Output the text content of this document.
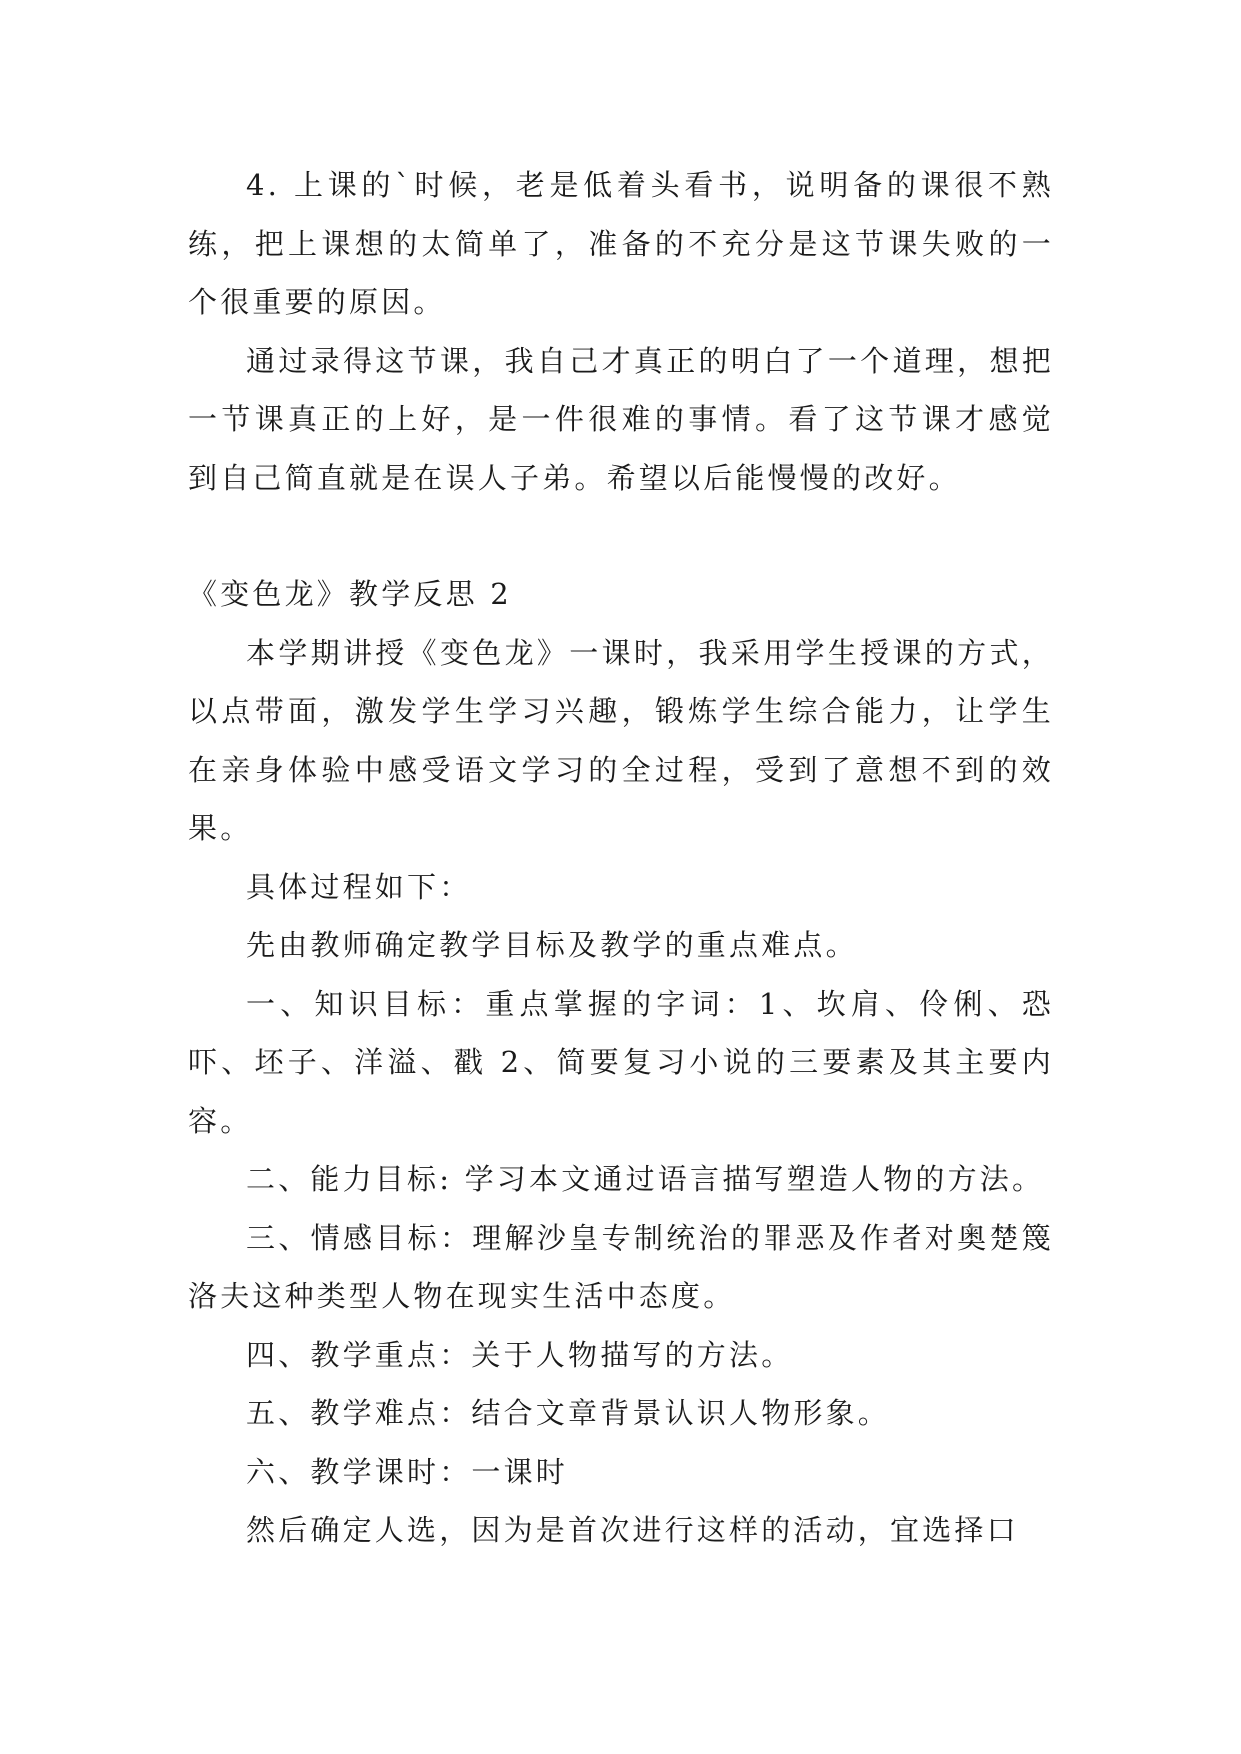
4. 上课的`时候，老是低着头看书，说明备的课很不熟练，把上课想的太简单了，准备的不充分是这节课失败的一个很重要的原因。

通过录得这节课，我自己才真正的明白了一个道理，想把一节课真正的上好，是一件很难的事情。看了这节课才感觉到自己简直就是在误人子弟。希望以后能慢慢的改好。

《变色龙》教学反思 2

本学期讲授《变色龙》一课时，我采用学生授课的方式，以点带面，激发学生学习兴趣，锻炼学生综合能力，让学生在亲身体验中感受语文学习的全过程，受到了意想不到的效果。

具体过程如下：

先由教师确定教学目标及教学的重点难点。

一、知识目标：重点掌握的字词：1、坎肩、伶俐、恐吓、坯子、洋溢、戳 2、简要复习小说的三要素及其主要内容。

二、能力目标: 学习本文通过语言描写塑造人物的方法。

三、情感目标：理解沙皇专制统治的罪恶及作者对奥楚篾洛夫这种类型人物在现实生活中态度。

四、教学重点：关于人物描写的方法。

五、教学难点：结合文章背景认识人物形象。

六、教学课时：一课时

然后确定人选，因为是首次进行这样的活动，宜选择口
